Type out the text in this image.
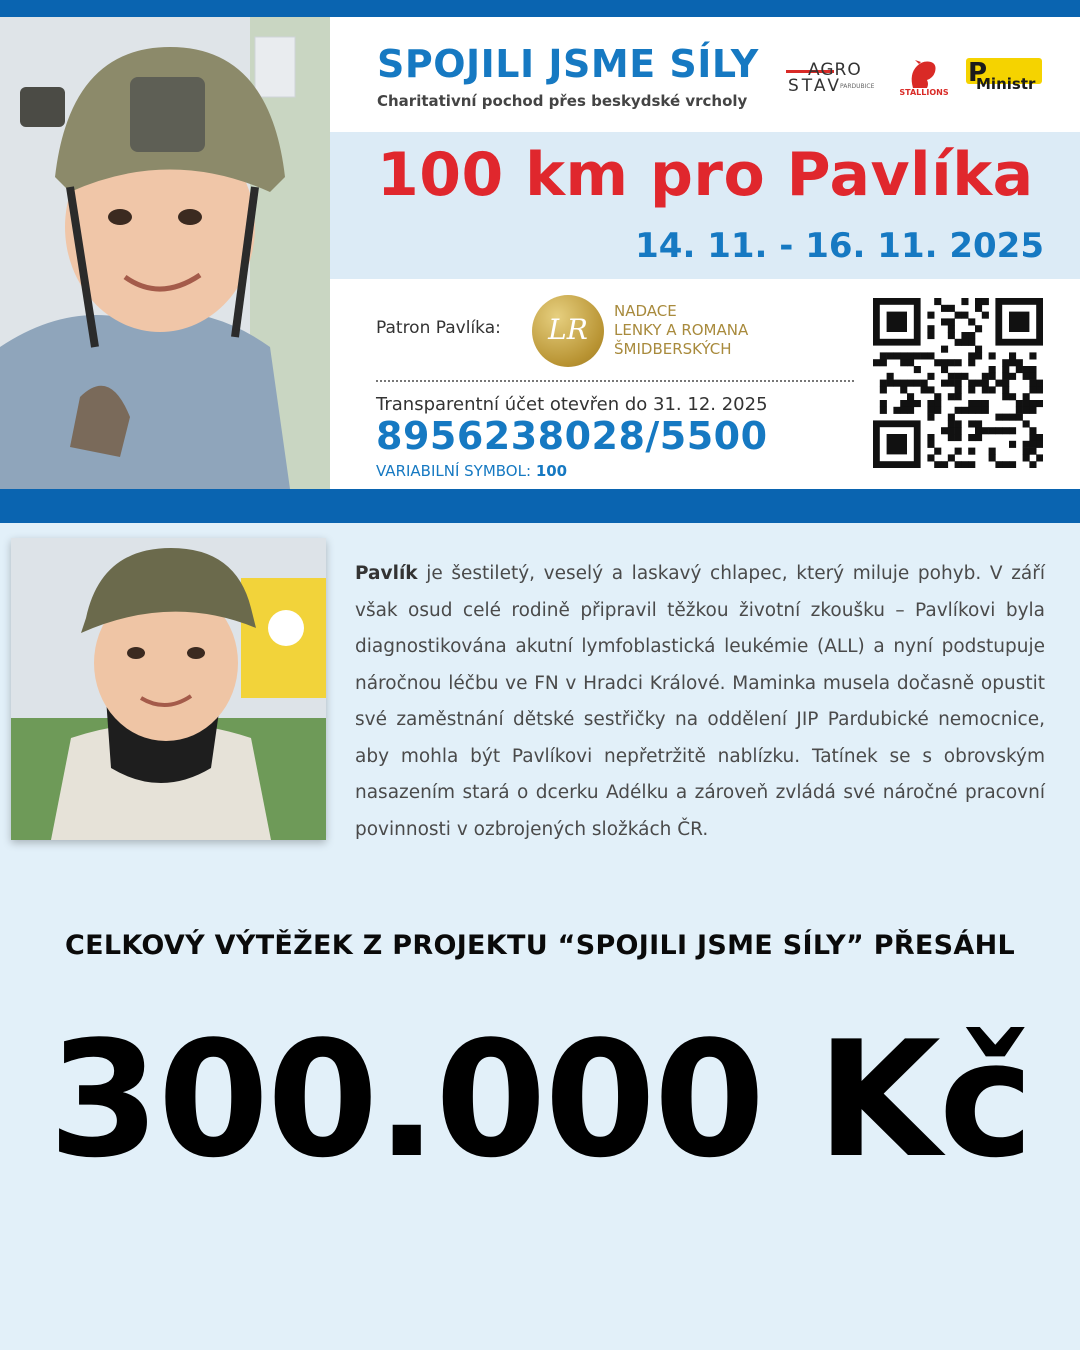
SPOJILI JSME SÍLY
Charitativní pochod přes beskydské vrcholy
AGRO
STAV
PARDUBICE
STALLIONS
P
Ministr
100 km pro Pavlíka
14. 11. - 16. 11. 2025
Patron Pavlíka:	LR
NADACE
LENKY A ROMANA
ŠMIDBERSKÝCH
Transparentní účet otevřen do 31. 12. 2025
8956238028/5500
VARIABILNÍ SYMBOL: 100
Pavlík je šestiletý, veselý a laskavý chlapec, který miluje pohyb. V září však osud celé rodině připravil těžkou životní zkoušku – Pavlíkovi byla diagnostikována akutní lymfoblastická leukémie (ALL) a nyní podstupuje náročnou léčbu ve FN v Hradci Králové. Maminka musela dočasně opustit své zaměstnání dětské sestřičky na oddělení JIP Pardubické nemocnice, aby mohla být Pavlíkovi nepřetržitě nablízku. Tatínek se s obrovským nasazením stará o dcerku Adélku a zároveň zvládá své náročné pracovní povinnosti v ozbrojených složkách ČR.
CELKOVÝ VÝTĚŽEK Z PROJEKTU “SPOJILI JSME SÍLY” PŘESÁHL
300.000 Kč
